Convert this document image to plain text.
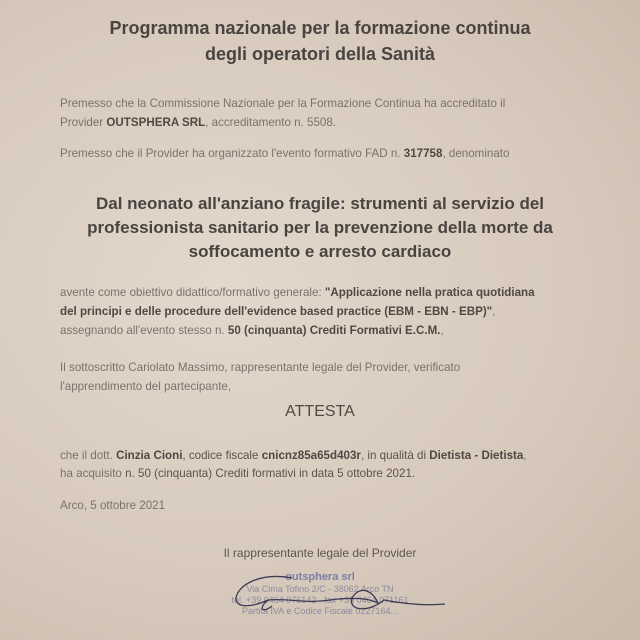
Programma nazionale per la formazione continua
degli operatori della Sanità
Premesso che la Commissione Nazionale per la Formazione Continua ha accreditato il
Provider OUTSPHERA SRL, accreditamento n. 5508.
Premesso che il Provider ha organizzato l'evento formativo FAD n. 317758, denominato
Dal neonato all'anziano fragile: strumenti al servizio del
professionista sanitario per la prevenzione della morte da
soffocamento e arresto cardiaco
avente come obiettivo didattico/formativo generale: "Applicazione nella pratica quotidiana
del principi e delle procedure dell'evidence based practice (EBM - EBN - EBP)",
assegnando all'evento stesso n. 50 (cinquanta) Crediti Formativi E.C.M.,
Il sottoscritto Cariolato Massimo, rappresentante legale del Provider, verificato
l'apprendimento del partecipante,
ATTESTA
che il dott. Cinzia Cioni, codice fiscale cnicnz85a65d403r, in qualità di Dietista - Dietista,
ha acquisito n. 50 (cinquanta) Crediti formativi in data 5 ottobre 2021.
Arco, 5 ottobre 2021
Il rappresentante legale del Provider
outsphera srl
Via Cima Tofino 2/C - 38062 Arco TN
tel. +39 0464 076142 - fax +39 0464 071161
Partita IVA e Codice Fiscale 0227164...
